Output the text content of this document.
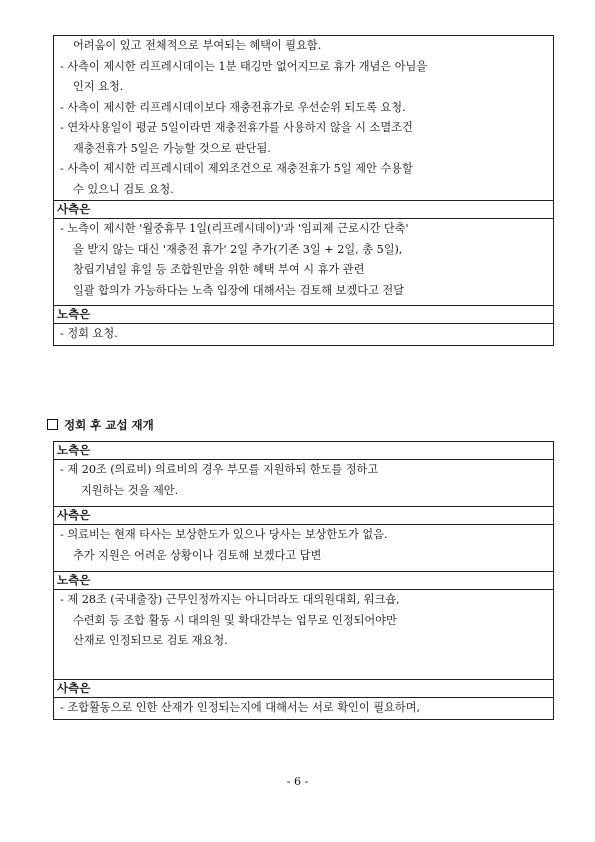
어려움이 있고 전체적으로 부여되는 혜택이 필요함.
- 사측이 제시한 리프레시데이는 1분 태깅만 없어지므로 휴가 개념은 아님을
인지 요청.
- 사측이 제시한 리프레시데이보다 재충전휴가로 우선순위 되도록 요청.
- 연차사용일이 평균 5일이라면 재충전휴가를 사용하지 않을 시 소멸조건
재충전휴가 5일은 가능할 것으로 판단됨.
- 사측이 제시한 리프레시데이 제외조건으로 재충전휴가 5일 제안 수용할
수 있으니 검토 요청.

사측은

- 노측이 제시한 '월중휴무 1일(리프레시데이)'과 '임피제 근로시간 단축'
을 받지 않는 대신 '재충전 휴가' 2일 추가(기존 3일 + 2일, 총 5일),
창립기념일 휴일 등 조합원만을 위한 혜택 부여 시 휴가 관련
일괄 합의가 가능하다는 노측 입장에 대해서는 검토해 보겠다고 전달

노측은

- 정회 요청.
정회 후 교섭 재개
노측은

- 제 20조 (의료비) 의료비의 경우 부모를 지원하되 한도를 정하고
지원하는 것을 제안.

사측은

- 의료비는 현재 타사는 보상한도가 있으나 당사는 보상한도가 없음.
추가 지원은 어려운 상황이나 검토해 보겠다고 답변

노측은

- 제 28조 (국내출장) 근무인정까지는 아니더라도 대의원대회, 워크숍,
수련회 등 조합 활동 시 대의원 및 확대간부는 업무로 인정되어야만
산재로 인정되므로 검토 재요청.

사측은

- 조합활동으로 인한 산재가 인정되는지에 대해서는 서로 확인이 필요하며,
- 6 -
